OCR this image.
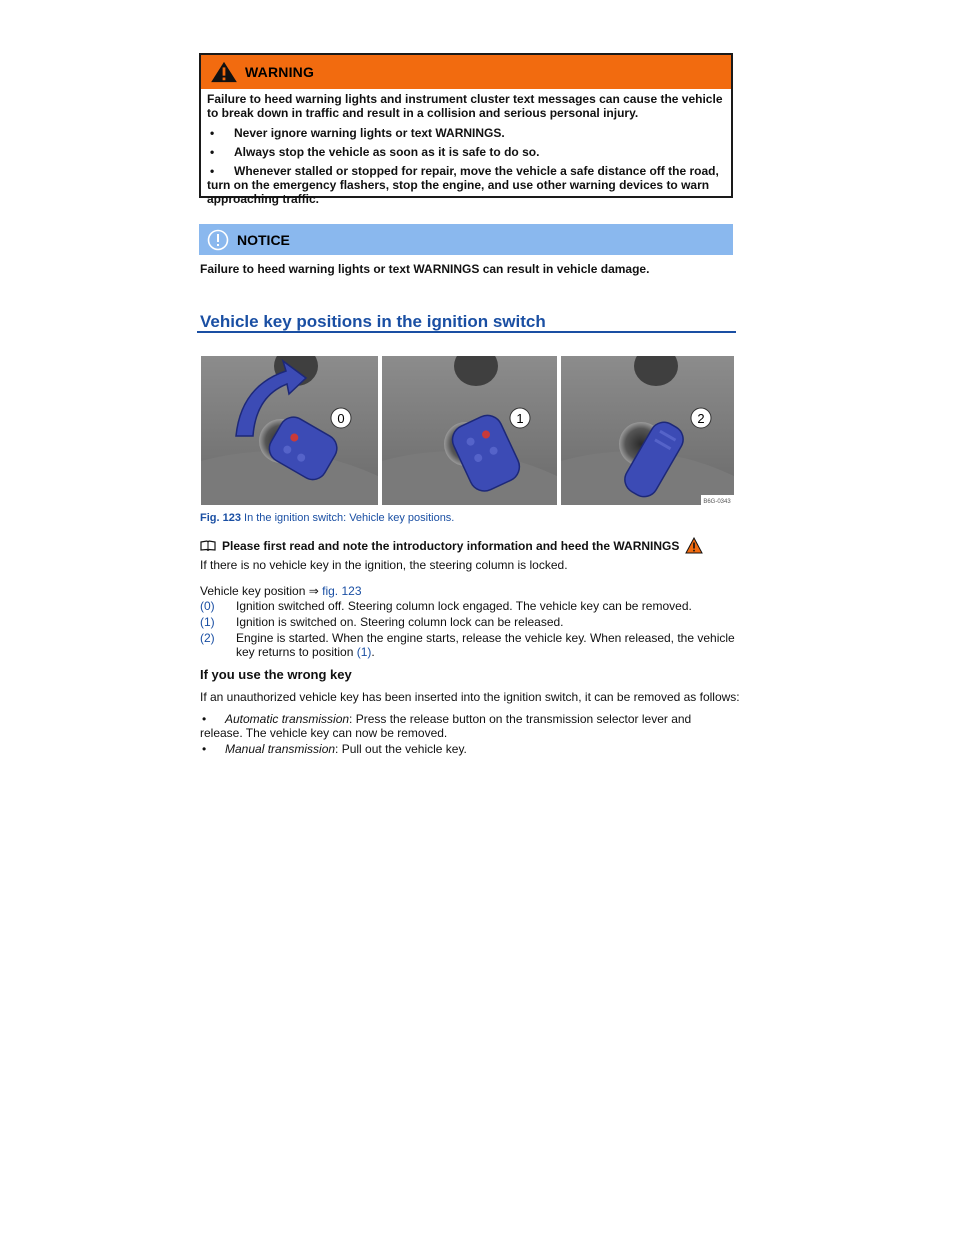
WARNING

Failure to heed warning lights and instrument cluster text messages can cause the vehicle to break down in traffic and result in a collision and serious personal injury.

•	Never ignore warning lights or text WARNINGS.
•	Always stop the vehicle as soon as it is safe to do so.
• Whenever stalled or stopped for repair, move the vehicle a safe distance off the road, turn on the emergency flashers, stop the engine, and use other warning devices to warn approaching traffic.
NOTICE
Failure to heed warning lights or text WARNINGS can result in vehicle damage.
Vehicle key positions in the ignition switch
0	1	2
B6G-0343
Fig. 123 In the ignition switch: Vehicle key positions.
Please first read and note the introductory information and heed the WARNINGS
If there is no vehicle key in the ignition, the steering column is locked.
Vehicle key position ⇒ fig. 123
(0)	Ignition switched off. Steering column lock engaged. The vehicle key can be removed.
(1)	Ignition is switched on. Steering column lock can be released.
(2)	Engine is started. When the engine starts, release the vehicle key. When released, the vehicle key returns to position (1).
If you use the wrong key
If an unauthorized vehicle key has been inserted into the ignition switch, it can be removed as follows:
• Automatic transmission: Press the release button on the transmission selector lever and release. The vehicle key can now be removed.
•	Manual transmission: Pull out the vehicle key.
